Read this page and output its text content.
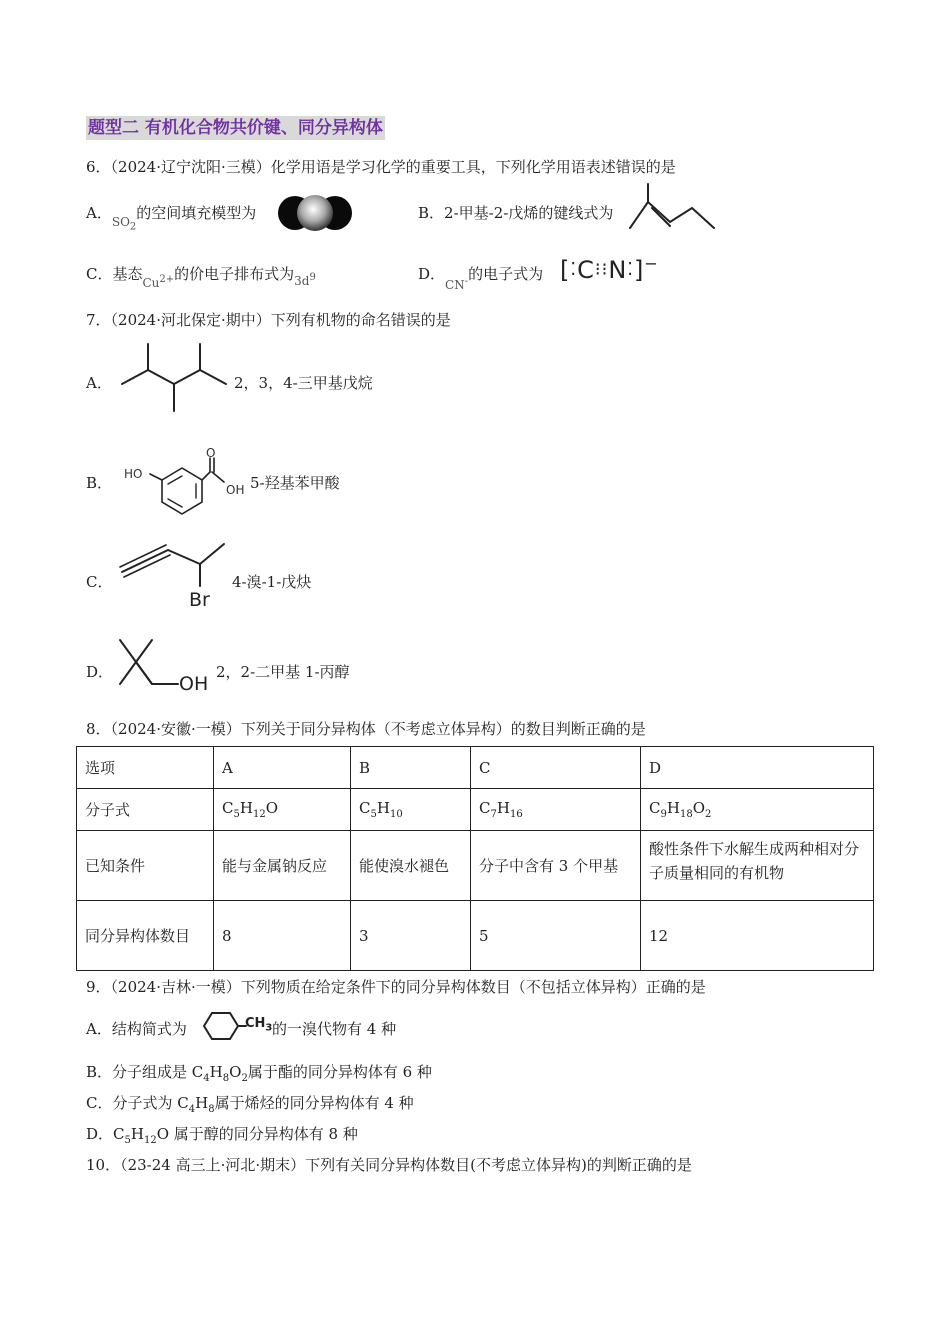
题型二 有机化合物共价键、同分异构体
6．（2024·辽宁沈阳·三模）化学用语是学习化学的重要工具，下列化学用语表述错误的是
A．$_{SO_2}$的空间填充模型为	B．2-甲基-2-戊烯的键线式为
C．基态$_{Cu^{2+}}$的价电子排布式为$_{3d^9}$	D．$_{CN^-}$的电子式为 [⁚C⁝⁝N⁚]−
7．（2024·河北保定·期中）下列有机物的命名错误的是
A．	2，3，4-三甲基戊烷
B． HO
O
OH 5-羟基苯甲酸
C．
Br
4-溴-1-戊炔
D．
OH
2，2-二甲基 1-丙醇
8．（2024·安徽·一模）下列关于同分异构体（不考虑立体异构）的数目判断正确的是
选项	A	B	C	D
分子式	$C_5H_{12}O$	$C_5H_{10}$	$C_7H_{16}$	$C_9H_{18}O_2$
已知条件	能与金属钠反应	能使溴水褪色	分子中含有 3 个甲基	酸性条件下水解生成两种相对分子质量相同的有机物
同分异构体数目	8	3	5	12
9．（2024·吉林·一模）下列物质在给定条件下的同分异构体数目（不包括立体异构）正确的是
A．结构简式为	$CH_3$ 的一溴代物有 4 种
B．分子组成是 $C_4H_8O_2$属于酯的同分异构体有 6 种
C．分子式为 $C_4H_8$属于烯烃的同分异构体有 4 种
D．$C_5H_{12}O$ 属于醇的同分异构体有 8 种
10．（23-24 高三上·河北·期末）下列有关同分异构体数目(不考虑立体异构)的判断正确的是
